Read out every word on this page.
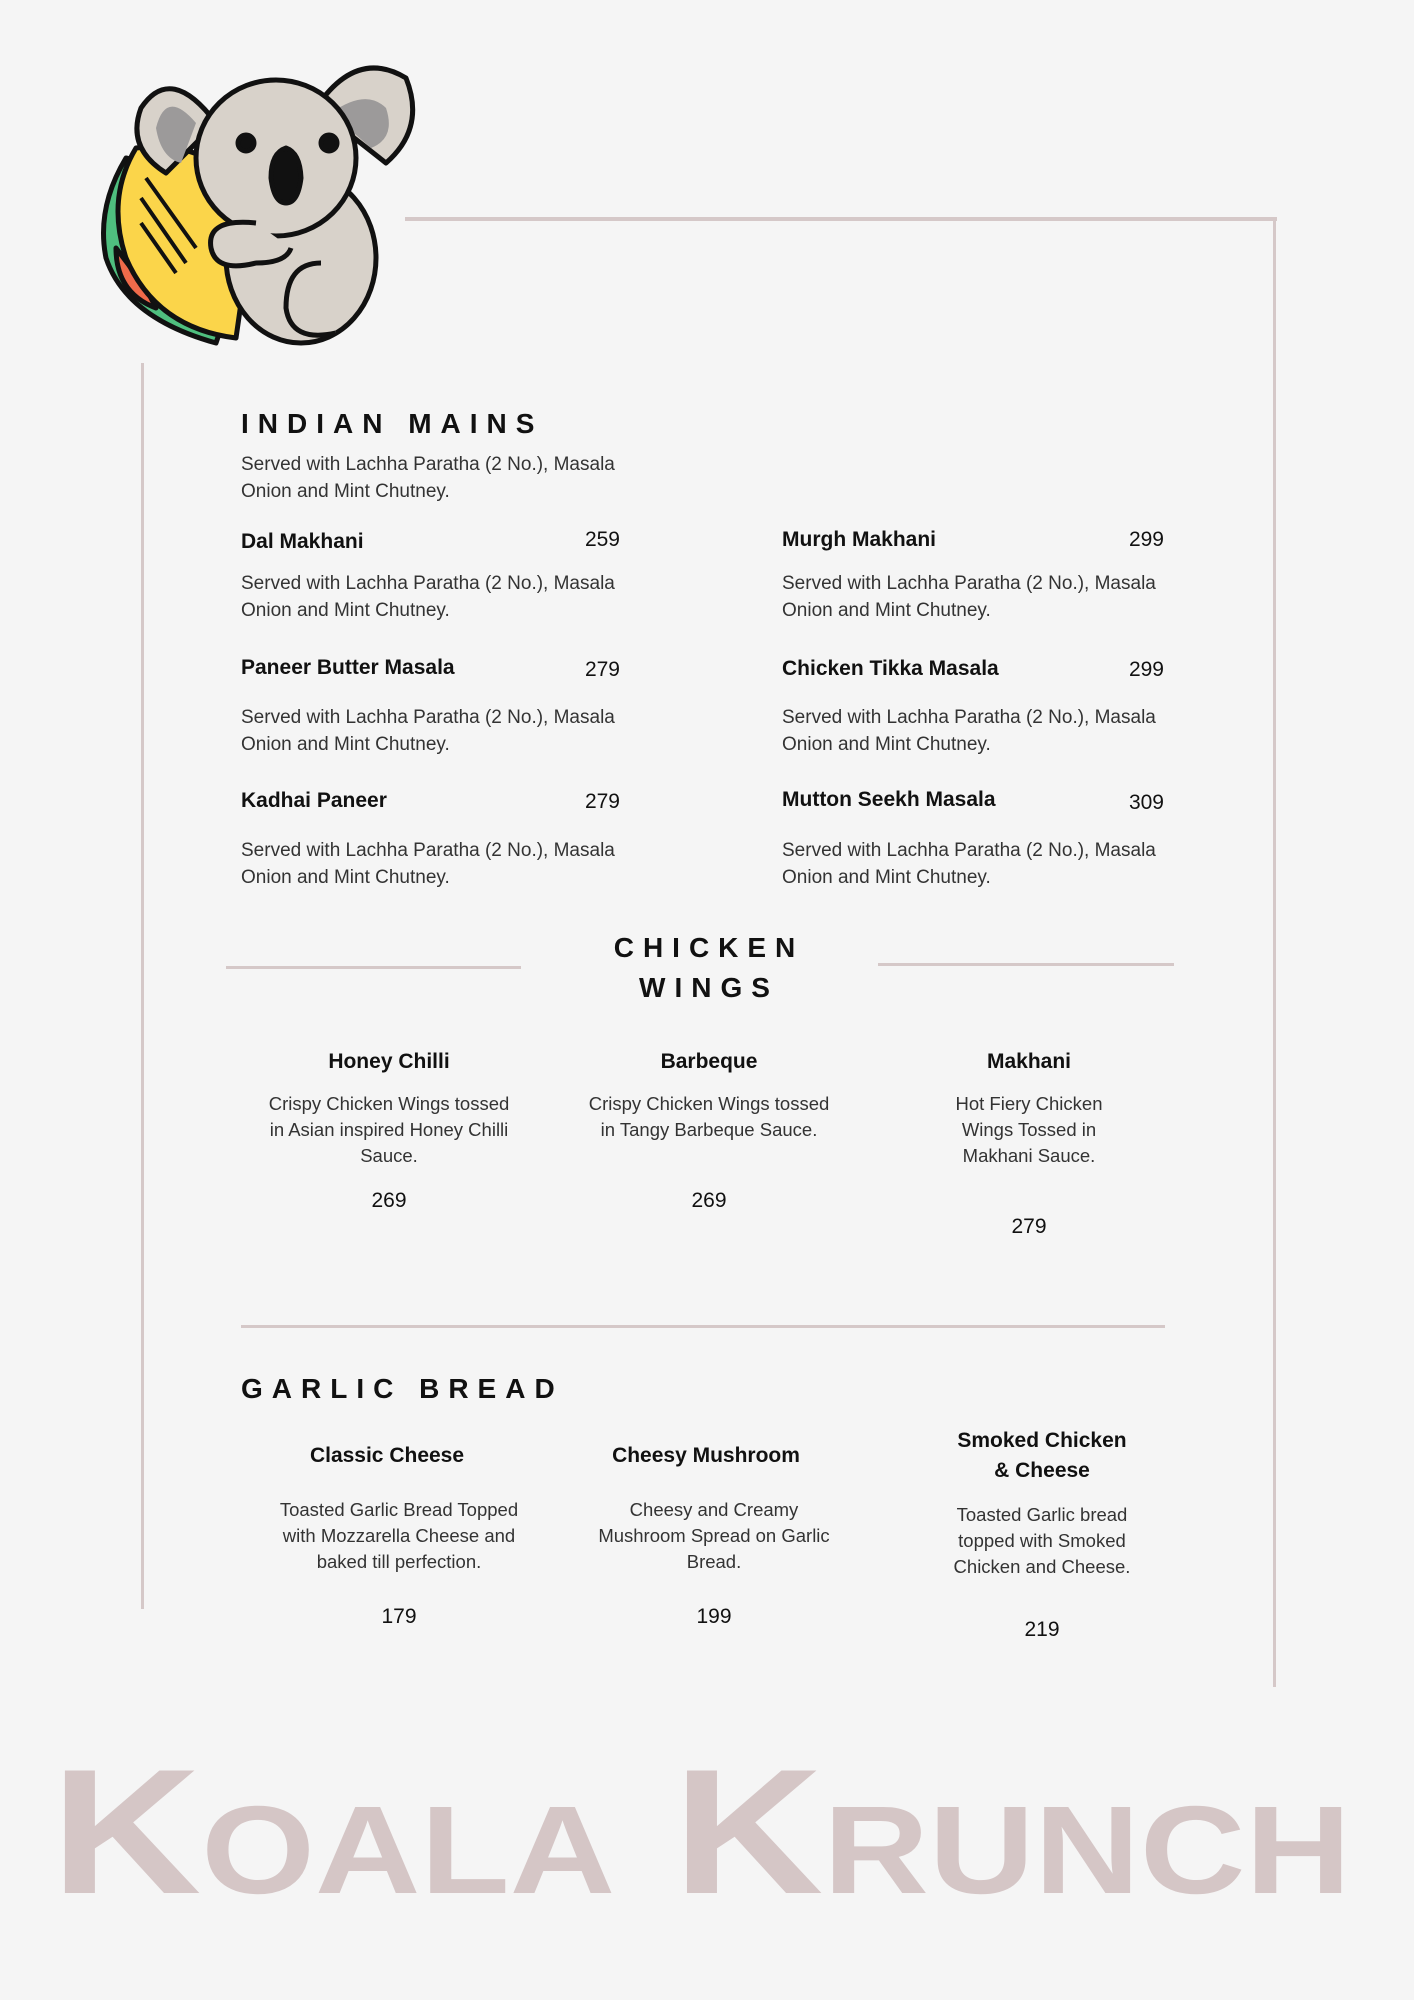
INDIAN MAINS
Served with Lachha Paratha (2 No.), Masala Onion and Mint Chutney.
Dal Makhani	259
Served with Lachha Paratha (2 No.), Masala Onion and Mint Chutney.
Murgh Makhani	299
Served with Lachha Paratha (2 No.), Masala Onion and Mint Chutney.
Paneer Butter Masala	279
Served with Lachha Paratha (2 No.), Masala Onion and Mint Chutney.
Chicken Tikka Masala	299
Served with Lachha Paratha (2 No.), Masala Onion and Mint Chutney.
Kadhai Paneer	279
Served with Lachha Paratha (2 No.), Masala Onion and Mint Chutney.
Mutton Seekh Masala	309
Served with Lachha Paratha (2 No.), Masala Onion and Mint Chutney.
CHICKEN
WINGS
Honey Chilli
Crispy Chicken Wings tossed in Asian inspired Honey Chilli Sauce.
269
Barbeque
Crispy Chicken Wings tossed in Tangy Barbeque Sauce.
269
Makhani
Hot Fiery Chicken Wings Tossed in Makhani Sauce.
279
GARLIC BREAD
Classic Cheese
Toasted Garlic Bread Topped with Mozzarella Cheese and baked till perfection.
179
Cheesy Mushroom
Cheesy and Creamy Mushroom Spread on Garlic Bread.
199
Smoked Chicken & Cheese
Toasted Garlic bread topped with Smoked Chicken and Cheese.
219
Koala Krunch
